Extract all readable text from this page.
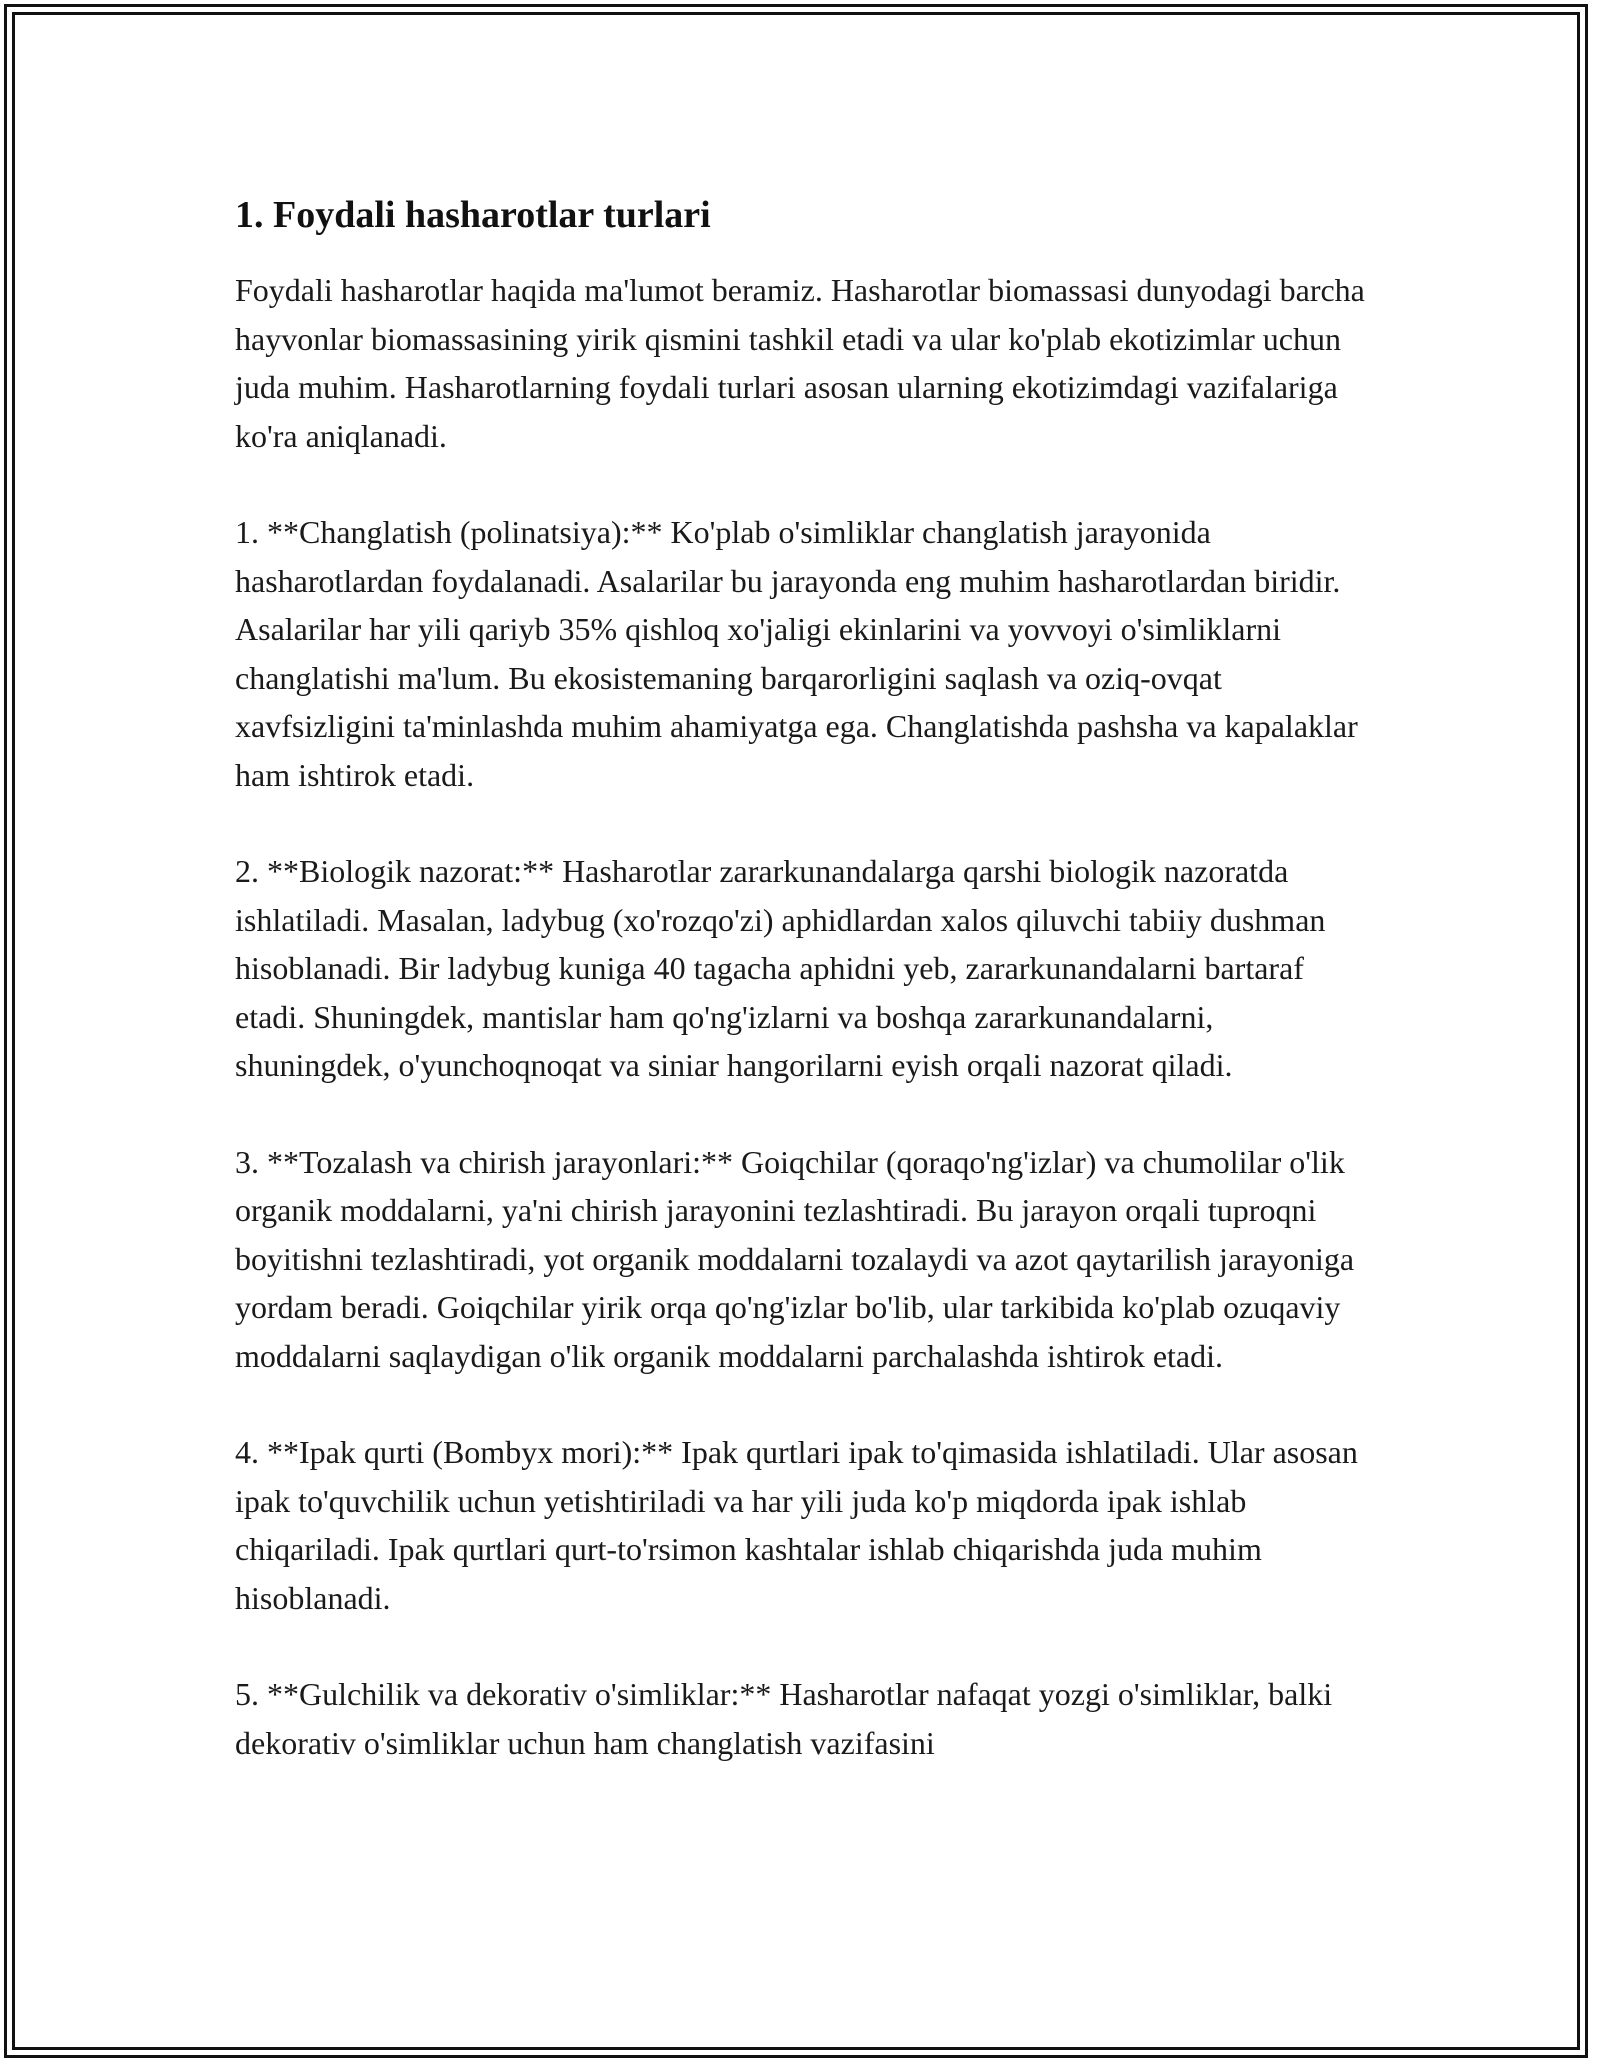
1. Foydali hasharotlar turlari

Foydali hasharotlar haqida ma'lumot beramiz. Hasharotlar biomassasi dunyodagi barcha hayvonlar biomassasining yirik qismini tashkil etadi va ular ko'plab ekotizimlar uchun juda muhim. Hasharotlarning foydali turlari asosan ularning ekotizimdagi vazifalariga ko'ra aniqlanadi.

1. **Changlatish (polinatsiya):** Ko'plab o'simliklar changlatish jarayonida hasharotlardan foydalanadi. Asalarilar bu jarayonda eng muhim hasharotlardan biridir. Asalarilar har yili qariyb 35% qishloq xo'jaligi ekinlarini va yovvoyi o'simliklarni changlatishi ma'lum. Bu ekosistemaning barqarorligini saqlash va oziq-ovqat xavfsizligini ta'minlashda muhim ahamiyatga ega. Changlatishda pashsha va kapalaklar ham ishtirok etadi.

2. **Biologik nazorat:** Hasharotlar zararkunandalarga qarshi biologik nazoratda ishlatiladi. Masalan, ladybug (xo'rozqo'zi) aphidlardan xalos qiluvchi tabiiy dushman hisoblanadi. Bir ladybug kuniga 40 tagacha aphidni yeb, zararkunandalarni bartaraf etadi. Shuningdek, mantislar ham qo'ng'izlarni va boshqa zararkunandalarni, shuningdek, o'yunchoqnoqat va siniar hangorilarni eyish orqali nazorat qiladi.

3. **Tozalash va chirish jarayonlari:** Goiqchilar (qoraqo'ng'izlar) va chumolilar o'lik organik moddalarni, ya'ni chirish jarayonini tezlashtiradi. Bu jarayon orqali tuproqni boyitishni tezlashtiradi, yot organik moddalarni tozalaydi va azot qaytarilish jarayoniga yordam beradi. Goiqchilar yirik orqa qo'ng'izlar bo'lib, ular tarkibida ko'plab ozuqaviy moddalarni saqlaydigan o'lik organik moddalarni parchalashda ishtirok etadi.

4. **Ipak qurti (Bombyx mori):** Ipak qurtlari ipak to'qimasida ishlatiladi. Ular asosan ipak to'quvchilik uchun yetishtiriladi va har yili juda ko'p miqdorda ipak ishlab chiqariladi. Ipak qurtlari qurt-to'rsimon kashtalar ishlab chiqarishda juda muhim hisoblanadi.

5. **Gulchilik va dekorativ o'simliklar:** Hasharotlar nafaqat yozgi o'simliklar, balki dekorativ o'simliklar uchun ham changlatish vazifasini
